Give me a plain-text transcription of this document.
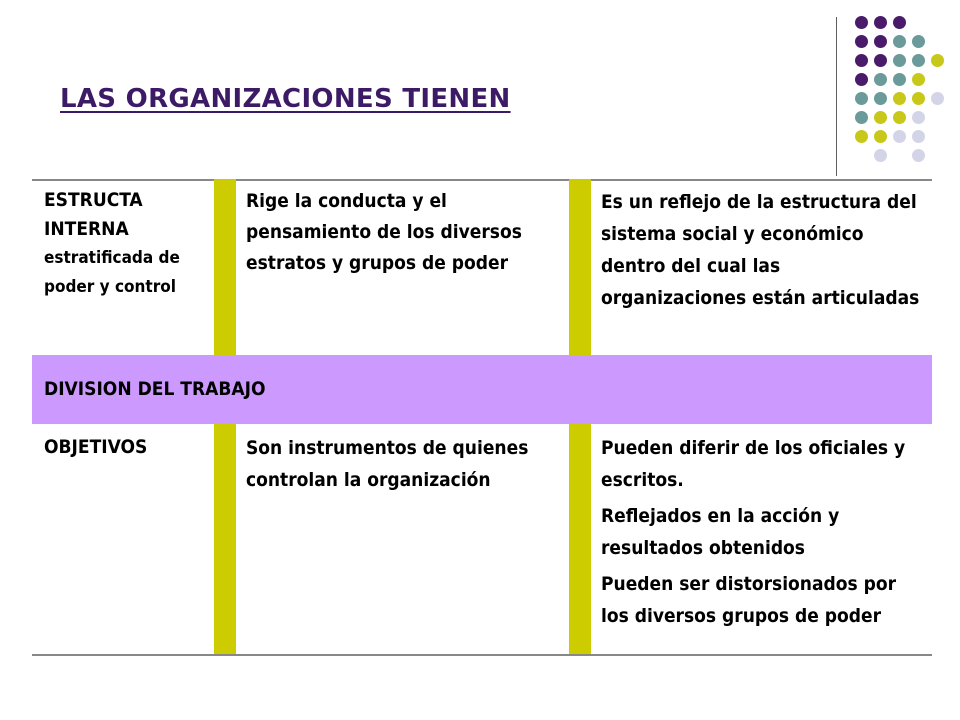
LAS ORGANIZACIONES TIENEN
ESTRUCTA
INTERNA
estratificada de
poder y control
Rige la conducta y el pensamiento de los diversos estratos y grupos de poder
Es un reflejo de la estructura del sistema social y económico dentro del cual las organizaciones están articuladas
DIVISION DEL TRABAJO
OBJETIVOS	Son instrumentos de quienes controlan la organización
Pueden diferir de los oficiales y escritos.
Reflejados en la acción y resultados obtenidos
Pueden ser distorsionados por los diversos grupos de poder
